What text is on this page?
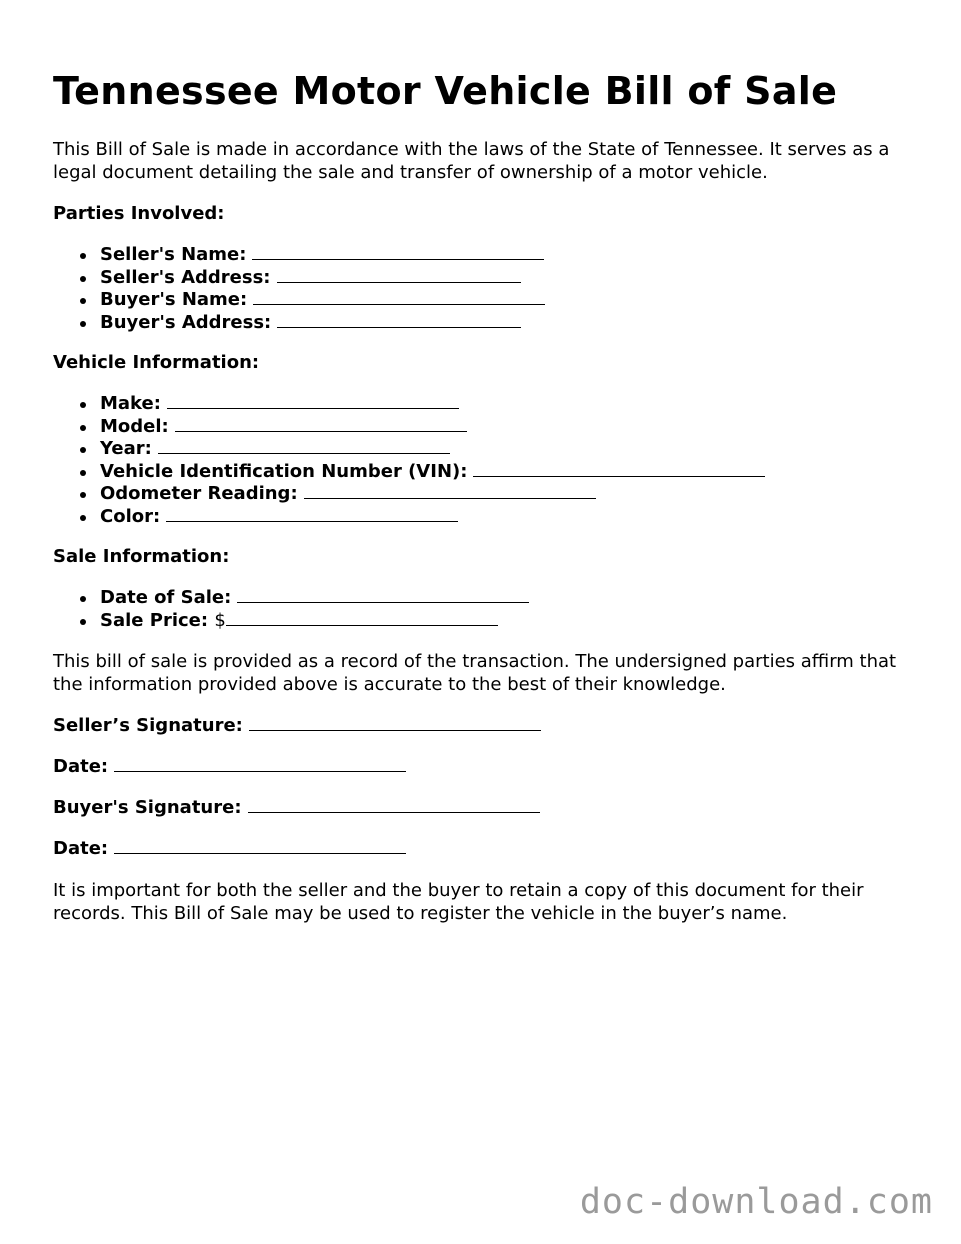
Tennessee Motor Vehicle Bill of Sale

This Bill of Sale is made in accordance with the laws of the State of Tennessee. It serves as a legal document detailing the sale and transfer of ownership of a motor vehicle.

Parties Involved:

Seller's Name:
Seller's Address:
Buyer's Name:
Buyer's Address:

Vehicle Information:

Make:
Model:
Year:
Vehicle Identification Number (VIN):
Odometer Reading:
Color:

Sale Information:

Date of Sale:
Sale Price: $

This bill of sale is provided as a record of the transaction. The undersigned parties affirm that the information provided above is accurate to the best of their knowledge.

Seller’s Signature:

Date:

Buyer's Signature:

Date:

It is important for both the seller and the buyer to retain a copy of this document for their records. This Bill of Sale may be used to register the vehicle in the buyer’s name.

doc-download.com
